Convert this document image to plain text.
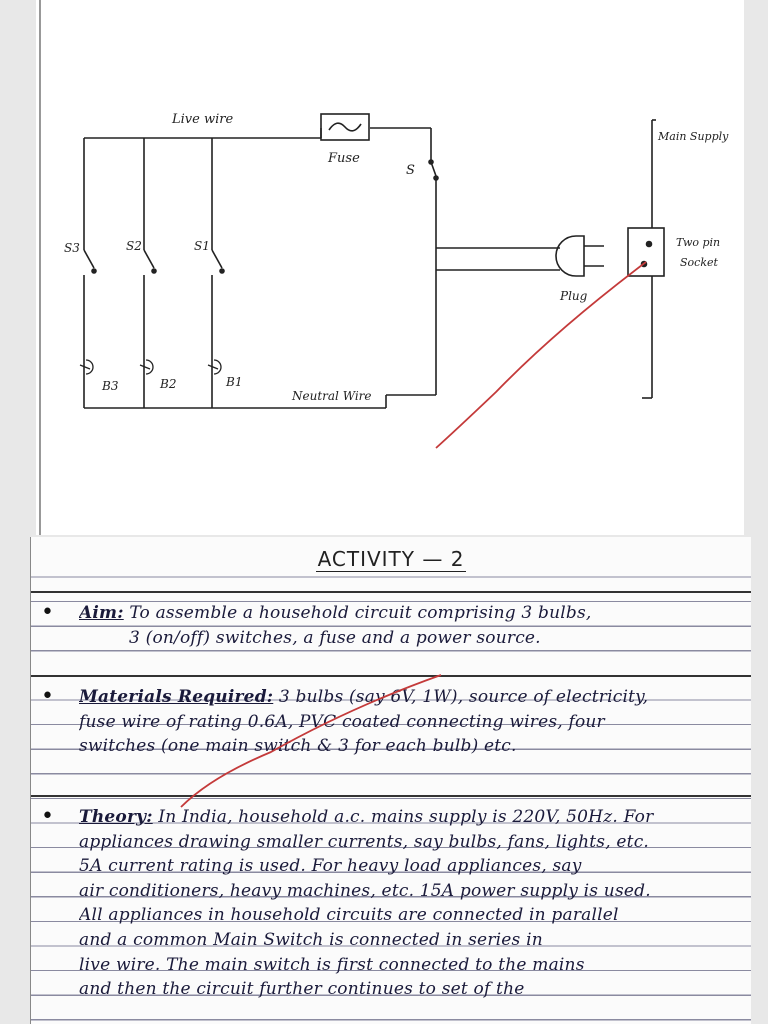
Live wire
Fuse
S
Main Supply
Two pin
Socket
Plug
Neutral Wire
S3	S2	S1
B3	B2	B1
ACTIVITY — 2
• Aim: To assemble a household circuit comprising 3 bulbs,
3 (on/off) switches, a fuse and a power source.
• Materials Required: 3 bulbs (say 6V, 1W), source of electricity,
fuse wire of rating 0.6A, PVC coated connecting wires, four
switches (one main switch & 3 for each bulb) etc.
• Theory: In India, household a.c. mains supply is 220V, 50Hz. For
appliances drawing smaller currents, say bulbs, fans, lights, etc.
5A current rating is used. For heavy load appliances, say
air conditioners, heavy machines, etc. 15A power supply is used.
All appliances in household circuits are connected in parallel
and a common Main Switch is connected in series in
live wire. The main switch is first connected to the mains
and then the circuit further continues to set of the
